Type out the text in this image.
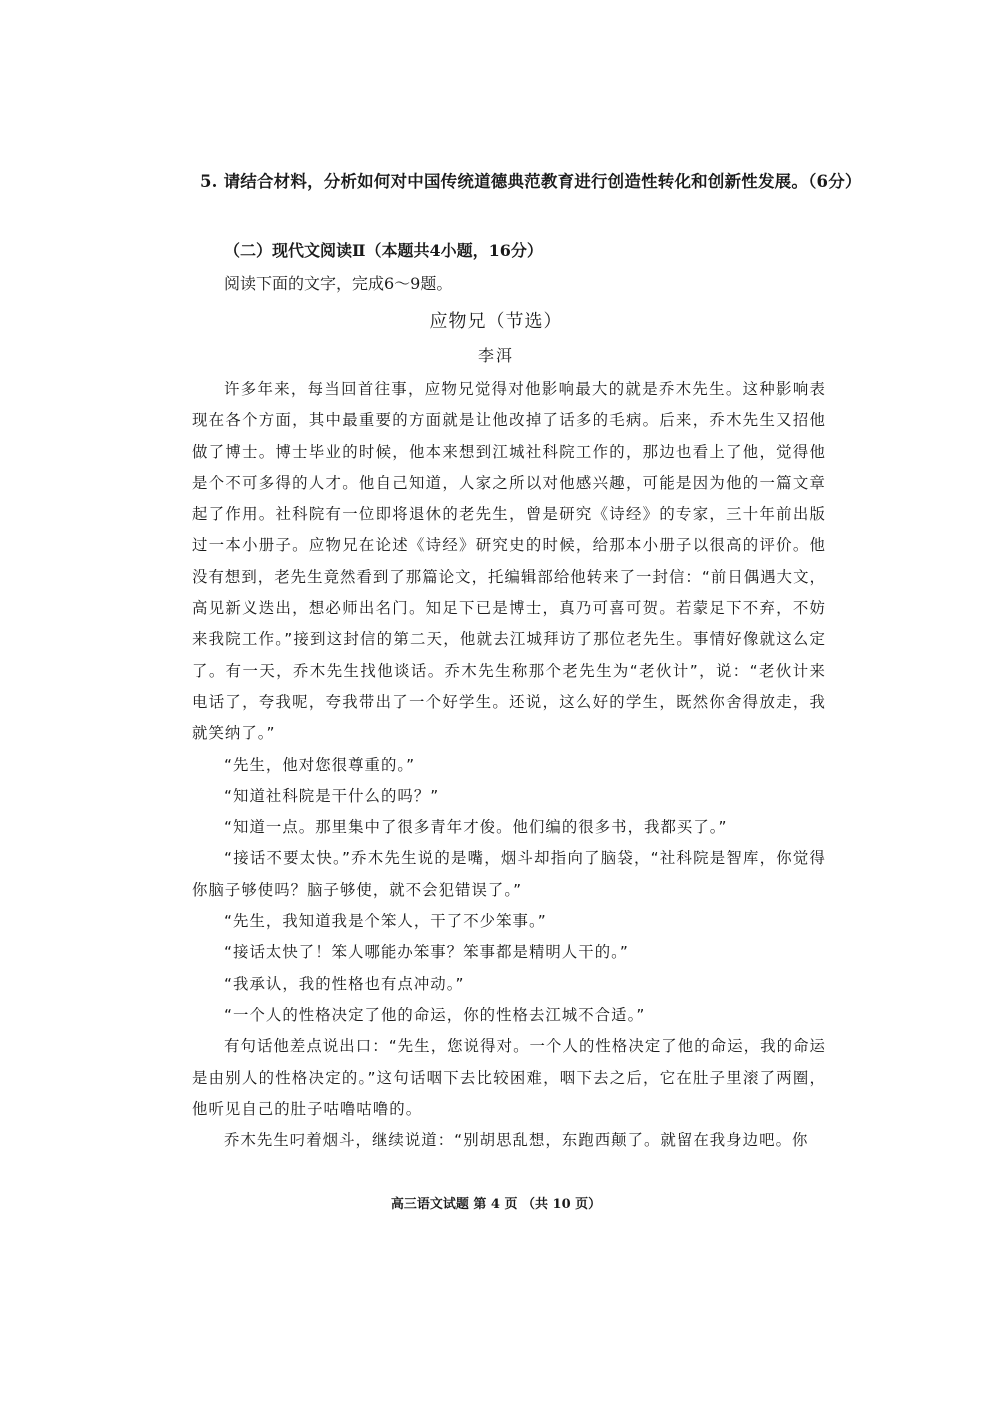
5. 请结合材料，分析如何对中国传统道德典范教育进行创造性转化和创新性发展。（6分）
（二）现代文阅读Ⅱ（本题共4小题，16分）
阅读下面的文字，完成6～9题。
应物兄（节选）
李洱

许多年来，每当回首往事，应物兄觉得对他影响最大的就是乔木先生。这种影响表现在各个方面，其中最重要的方面就是让他改掉了话多的毛病。后来，乔木先生又招他做了博士。博士毕业的时候，他本来想到江城社科院工作的，那边也看上了他，觉得他是个不可多得的人才。他自己知道，人家之所以对他感兴趣，可能是因为他的一篇文章起了作用。社科院有一位即将退休的老先生，曾是研究《诗经》的专家，三十年前出版过一本小册子。应物兄在论述《诗经》研究史的时候，给那本小册子以很高的评价。他没有想到，老先生竟然看到了那篇论文，托编辑部给他转来了一封信：“前日偶遇大文，高见新义迭出，想必师出名门。知足下已是博士，真乃可喜可贺。若蒙足下不弃，不妨来我院工作。”接到这封信的第二天，他就去江城拜访了那位老先生。事情好像就这么定了。有一天，乔木先生找他谈话。乔木先生称那个老先生为“老伙计”，说：“老伙计来电话了，夸我呢，夸我带出了一个好学生。还说，这么好的学生，既然你舍得放走，我就笑纳了。”

“先生，他对您很尊重的。”

“知道社科院是干什么的吗？”

“知道一点。那里集中了很多青年才俊。他们编的很多书，我都买了。”

“接话不要太快。”乔木先生说的是嘴，烟斗却指向了脑袋，“社科院是智库，你觉得你脑子够使吗？脑子够使，就不会犯错误了。”

“先生，我知道我是个笨人，干了不少笨事。”

“接话太快了！笨人哪能办笨事？笨事都是精明人干的。”

“我承认，我的性格也有点冲动。”

“一个人的性格决定了他的命运，你的性格去江城不合适。”

有句话他差点说出口：“先生，您说得对。一个人的性格决定了他的命运，我的命运是由别人的性格决定的。”这句话咽下去比较困难，咽下去之后，它在肚子里滚了两圈，他听见自己的肚子咕噜咕噜的。

乔木先生叼着烟斗，继续说道：“别胡思乱想，东跑西颠了。就留在我身边吧。你

高三语文试题 第 4 页 （共 10 页）
